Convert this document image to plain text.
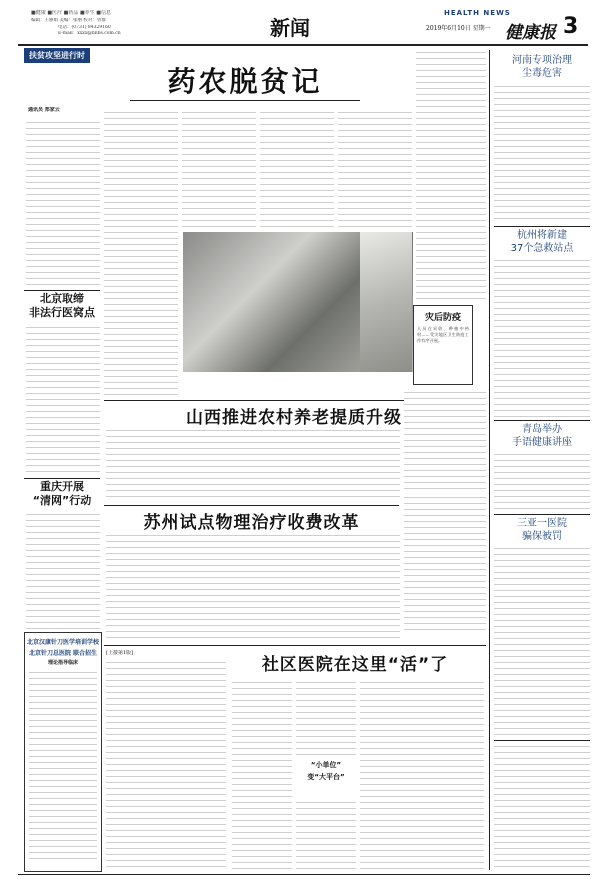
■健康 ■医疗 ■药品 ■养生 ■信息
编辑：王丽娟 美编：张丽 校对：曾群
电话：(0731) 84329160
E-mail：xxxx@hnbs.com.cn	新闻
HEALTH NEWS
2019年6月10日 星期一 健康报 3
扶贫攻坚进行时
药农脱贫记
通讯员 郑家云
灾后防疫
人员在采收、种植中药材……受灾地区卫生防疫工作有序开展。
北京取缔
非法行医窝点
重庆开展
“清网”行动
北京汉康针刀医学培训学校
北京针刀总医院 联合招生
理论指导临床
山西推进农村养老提质升级
苏州试点物理治疗收费改革
[上接第1版]
社区医院在这里“活”了
“小单位”
变“大平台”
河南专项治理
尘毒危害
杭州将新建
37个急救站点
青岛举办
手语健康讲座
三亚一医院
骗保被罚
